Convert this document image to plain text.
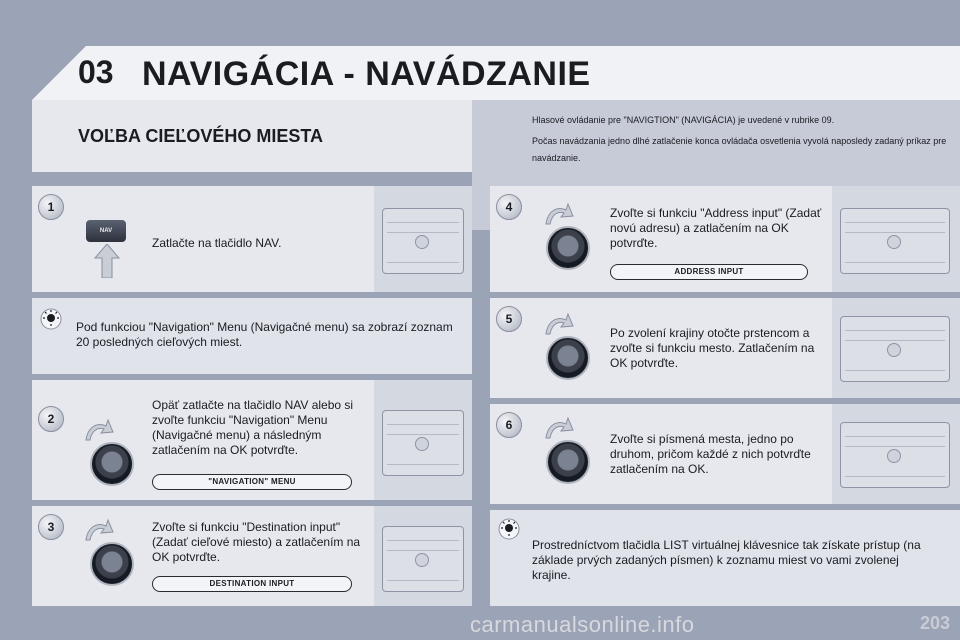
03 NAVIGÁCIA - NAVÁDZANIE
VOĽBA CIEĽOVÉHO MIESTA

Hlasové ovládanie pre "NAVIGTION" (NAVIGÁCIA) je uvedené v rubrike 09.

Počas navádzania jedno dlhé zatlačenie konca ovládača osvetlenia vyvolá naposledy zadaný príkaz pre navádzanie.

1
NAV
Zatlačte na tlačidlo NAV.
Pod funkciou "Navigation" Menu (Navigačné menu) sa zobrazí zoznam 20 posledných cieľových miest.
2
Opäť zatlačte na tlačidlo NAV alebo si zvoľte funkciu "Navigation" Menu (Navigačné menu) a následným zatlačením na OK potvrďte.
"NAVIGATION" MENU
3	Zvoľte si funkciu "Destination input" (Zadať cieľové miesto) a zatlačením na OK potvrďte.
DESTINATION INPUT
4	Zvoľte si funkciu "Address input" (Zadať novú adresu) a zatlačením na OK potvrďte.
ADDRESS INPUT
5
Po zvolení krajiny otočte prstencom a zvoľte si funkciu mesto. Zatlačením na OK potvrďte.
6
Zvoľte si písmená mesta, jedno po druhom, pričom každé z nich potvrďte zatlačením na OK.
Prostredníctvom tlačidla LIST virtuálnej klávesnice tak získate prístup (na základe prvých zadaných písmen) k zoznamu miest vo vami zvolenej krajine.
carmanualsonline.info	203
